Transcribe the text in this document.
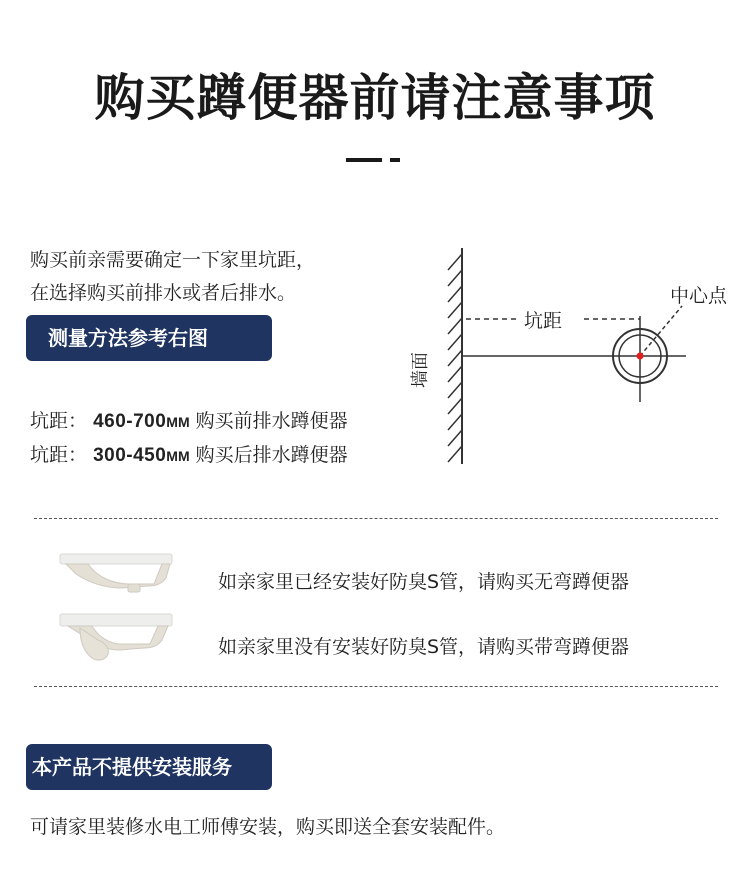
购买蹲便器前请注意事项
购买前亲需要确定一下家里坑距，
在选择购买前排水或者后排水。
测量方法参考右图
坑距： 460-700MM 购买前排水蹲便器
坑距： 300-450MM 购买后排水蹲便器
墙面
坑距
中心点
如亲家里已经安装好防臭S管，请购买无弯蹲便器
如亲家里没有安装好防臭S管，请购买带弯蹲便器
本产品不提供安装服务
可请家里装修水电工师傅安装，购买即送全套安装配件。
